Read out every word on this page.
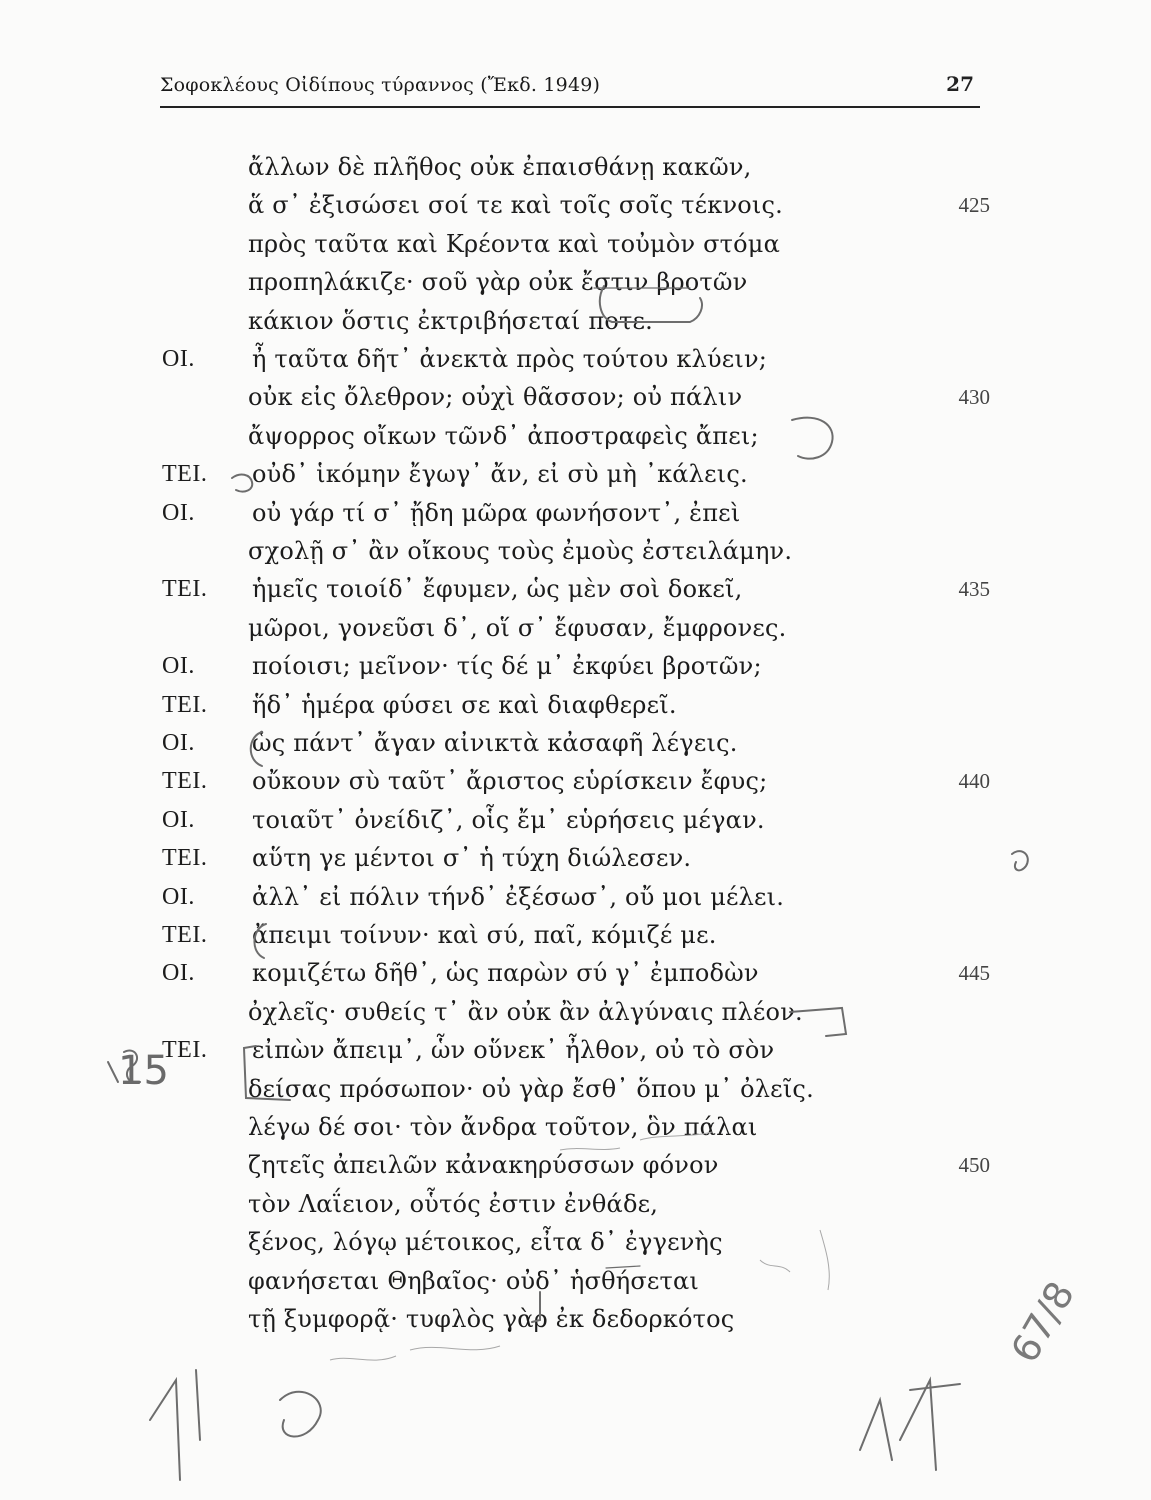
Σοφοκλέους Οἰδίπους τύραννος (Ἔκδ. 1949)	27
ἄλλων δὲ πλῆθος οὐκ ἐπαισθάνῃ κακῶν,
ἅ σ᾽ ἐξισώσει σοί τε καὶ τοῖς σοῖς τέκνοις.	425
πρὸς ταῦτα καὶ Κρέοντα καὶ τοὐμὸν στόμα
προπηλάκιζε· σοῦ γὰρ οὐκ ἔστιν βροτῶν
κάκιον ὅστις ἐκτριβήσεταί ποτε.
ΟΙ. ἦ ταῦτα δῆτ᾽ ἀνεκτὰ πρὸς τούτου κλύειν;
οὐκ εἰς ὄλεθρον; οὐχὶ θᾶσσον; οὐ πάλιν	430
ἄψορρος οἴκων τῶνδ᾽ ἀποστραφεὶς ἄπει;
ΤΕΙ. οὐδ᾽ ἱκόμην ἔγωγ᾽ ἄν, εἰ σὺ μὴ ᾽κάλεις.
ΟΙ. οὐ γάρ τί σ᾽ ᾔδη μῶρα φωνήσοντ᾽, ἐπεὶ
σχολῇ σ᾽ ἂν οἴκους τοὺς ἐμοὺς ἐστειλάμην.
ΤΕΙ. ἡμεῖς τοιοίδ᾽ ἔφυμεν, ὡς μὲν σοὶ δοκεῖ,	435
μῶροι, γονεῦσι δ᾽, οἵ σ᾽ ἔφυσαν, ἔμφρονες.
ΟΙ. ποίοισι; μεῖνον· τίς δέ μ᾽ ἐκφύει βροτῶν;
ΤΕΙ. ἥδ᾽ ἡμέρα φύσει σε καὶ διαφθερεῖ.
ΟΙ. ὡς πάντ᾽ ἄγαν αἰνικτὰ κἀσαφῆ λέγεις.
ΤΕΙ. οὔκουν σὺ ταῦτ᾽ ἄριστος εὑρίσκειν ἔφυς;	440
ΟΙ. τοιαῦτ᾽ ὀνείδιζ᾽, οἷς ἔμ᾽ εὑρήσεις μέγαν.
ΤΕΙ. αὕτη γε μέντοι σ᾽ ἡ τύχη διώλεσεν.
ΟΙ. ἀλλ᾽ εἰ πόλιν τήνδ᾽ ἐξέσωσ᾽, οὔ μοι μέλει.
ΤΕΙ. ἄπειμι τοίνυν· καὶ σύ, παῖ, κόμιζέ με.
ΟΙ. κομιζέτω δῆθ᾽, ὡς παρὼν σύ γ᾽ ἐμποδὼν	445
ὀχλεῖς· συθείς τ᾽ ἂν οὐκ ἂν ἀλγύναις πλέον.
ΤΕΙ. εἰπὼν ἄπειμ᾽, ὧν οὕνεκ᾽ ἦλθον, οὐ τὸ σὸν
δείσας πρόσωπον· οὐ γὰρ ἔσθ᾽ ὅπου μ᾽ ὀλεῖς.
λέγω δέ σοι· τὸν ἄνδρα τοῦτον, ὃν πάλαι
ζητεῖς ἀπειλῶν κἀνακηρύσσων φόνον	450
τὸν Λαΐειον, οὗτός ἐστιν ἐνθάδε,
ξένος, λόγῳ μέτοικος, εἶτα δ᾽ ἐγγενὴς
φανήσεται Θηβαῖος· οὐδ᾽ ἡσθήσεται
τῇ ξυμφορᾷ· τυφλὸς γὰρ ἐκ δεδορκότος
15
67/8
